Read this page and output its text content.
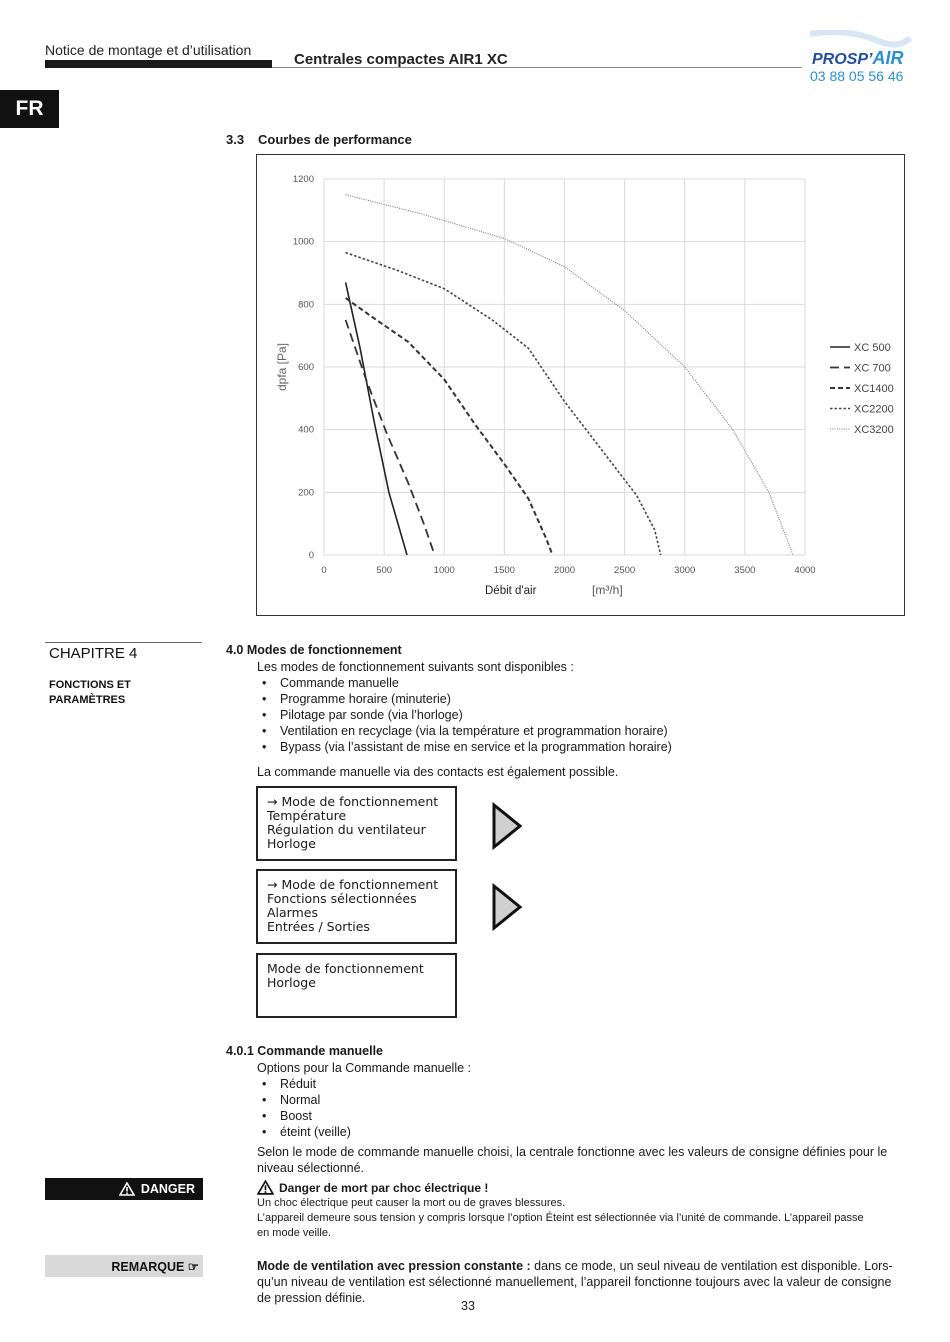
Notice de montage et d’utilisation
Centrales compactes AIR1 XC	PROSP’AIR
03 88 05 56 46
FR
3.3 Courbes de performance
0
200
400
600
800
1000
1200
0	500	1000	1500	2000	2500	3000	3500	4000
dpfa [Pa]
Débit d'air	[m³/h]
XC 500
XC 700
XC1400
XC2200
XC3200
CHAPITRE 4
FONCTIONS ET
PARAMÈTRES
4.0 Modes de fonctionnement
Les modes de fonctionnement suivants sont disponibles :
• Commande manuelle
• Programme horaire (minuterie)
• Pilotage par sonde (via l’horloge)
• Ventilation en recyclage (via la température et programmation horaire)
• Bypass (via l’assistant de mise en service et la programmation horaire)
La commande manuelle via des contacts est également possible.
→ Mode de fonctionnement
Température
Régulation du ventilateur
Horloge
→ Mode de fonctionnement
Fonctions sélectionnées
Alarmes
Entrées / Sorties
Mode de fonctionnement
Horloge
4.0.1 Commande manuelle
Options pour la Commande manuelle :
• Réduit
• Normal
• Boost
• éteint (veille)
Selon le mode de commande manuelle choisi, la centrale fonctionne avec les valeurs de consigne définies pour le
niveau sélectionné.
DANGER	Danger de mort par choc électrique !
Un choc électrique peut causer la mort ou de graves blessures.
L’appareil demeure sous tension y compris lorsque l’option Éteint est sélectionnée via l’unité de commande. L’appareil passe
en mode veille.
REMARQUE ☞	Mode de ventilation avec pression constante : dans ce mode, un seul niveau de ventilation est disponible. Lors-
qu’un niveau de ventilation est sélectionné manuellement, l’appareil fonctionne toujours avec la valeur de consigne
de pression définie.
33
